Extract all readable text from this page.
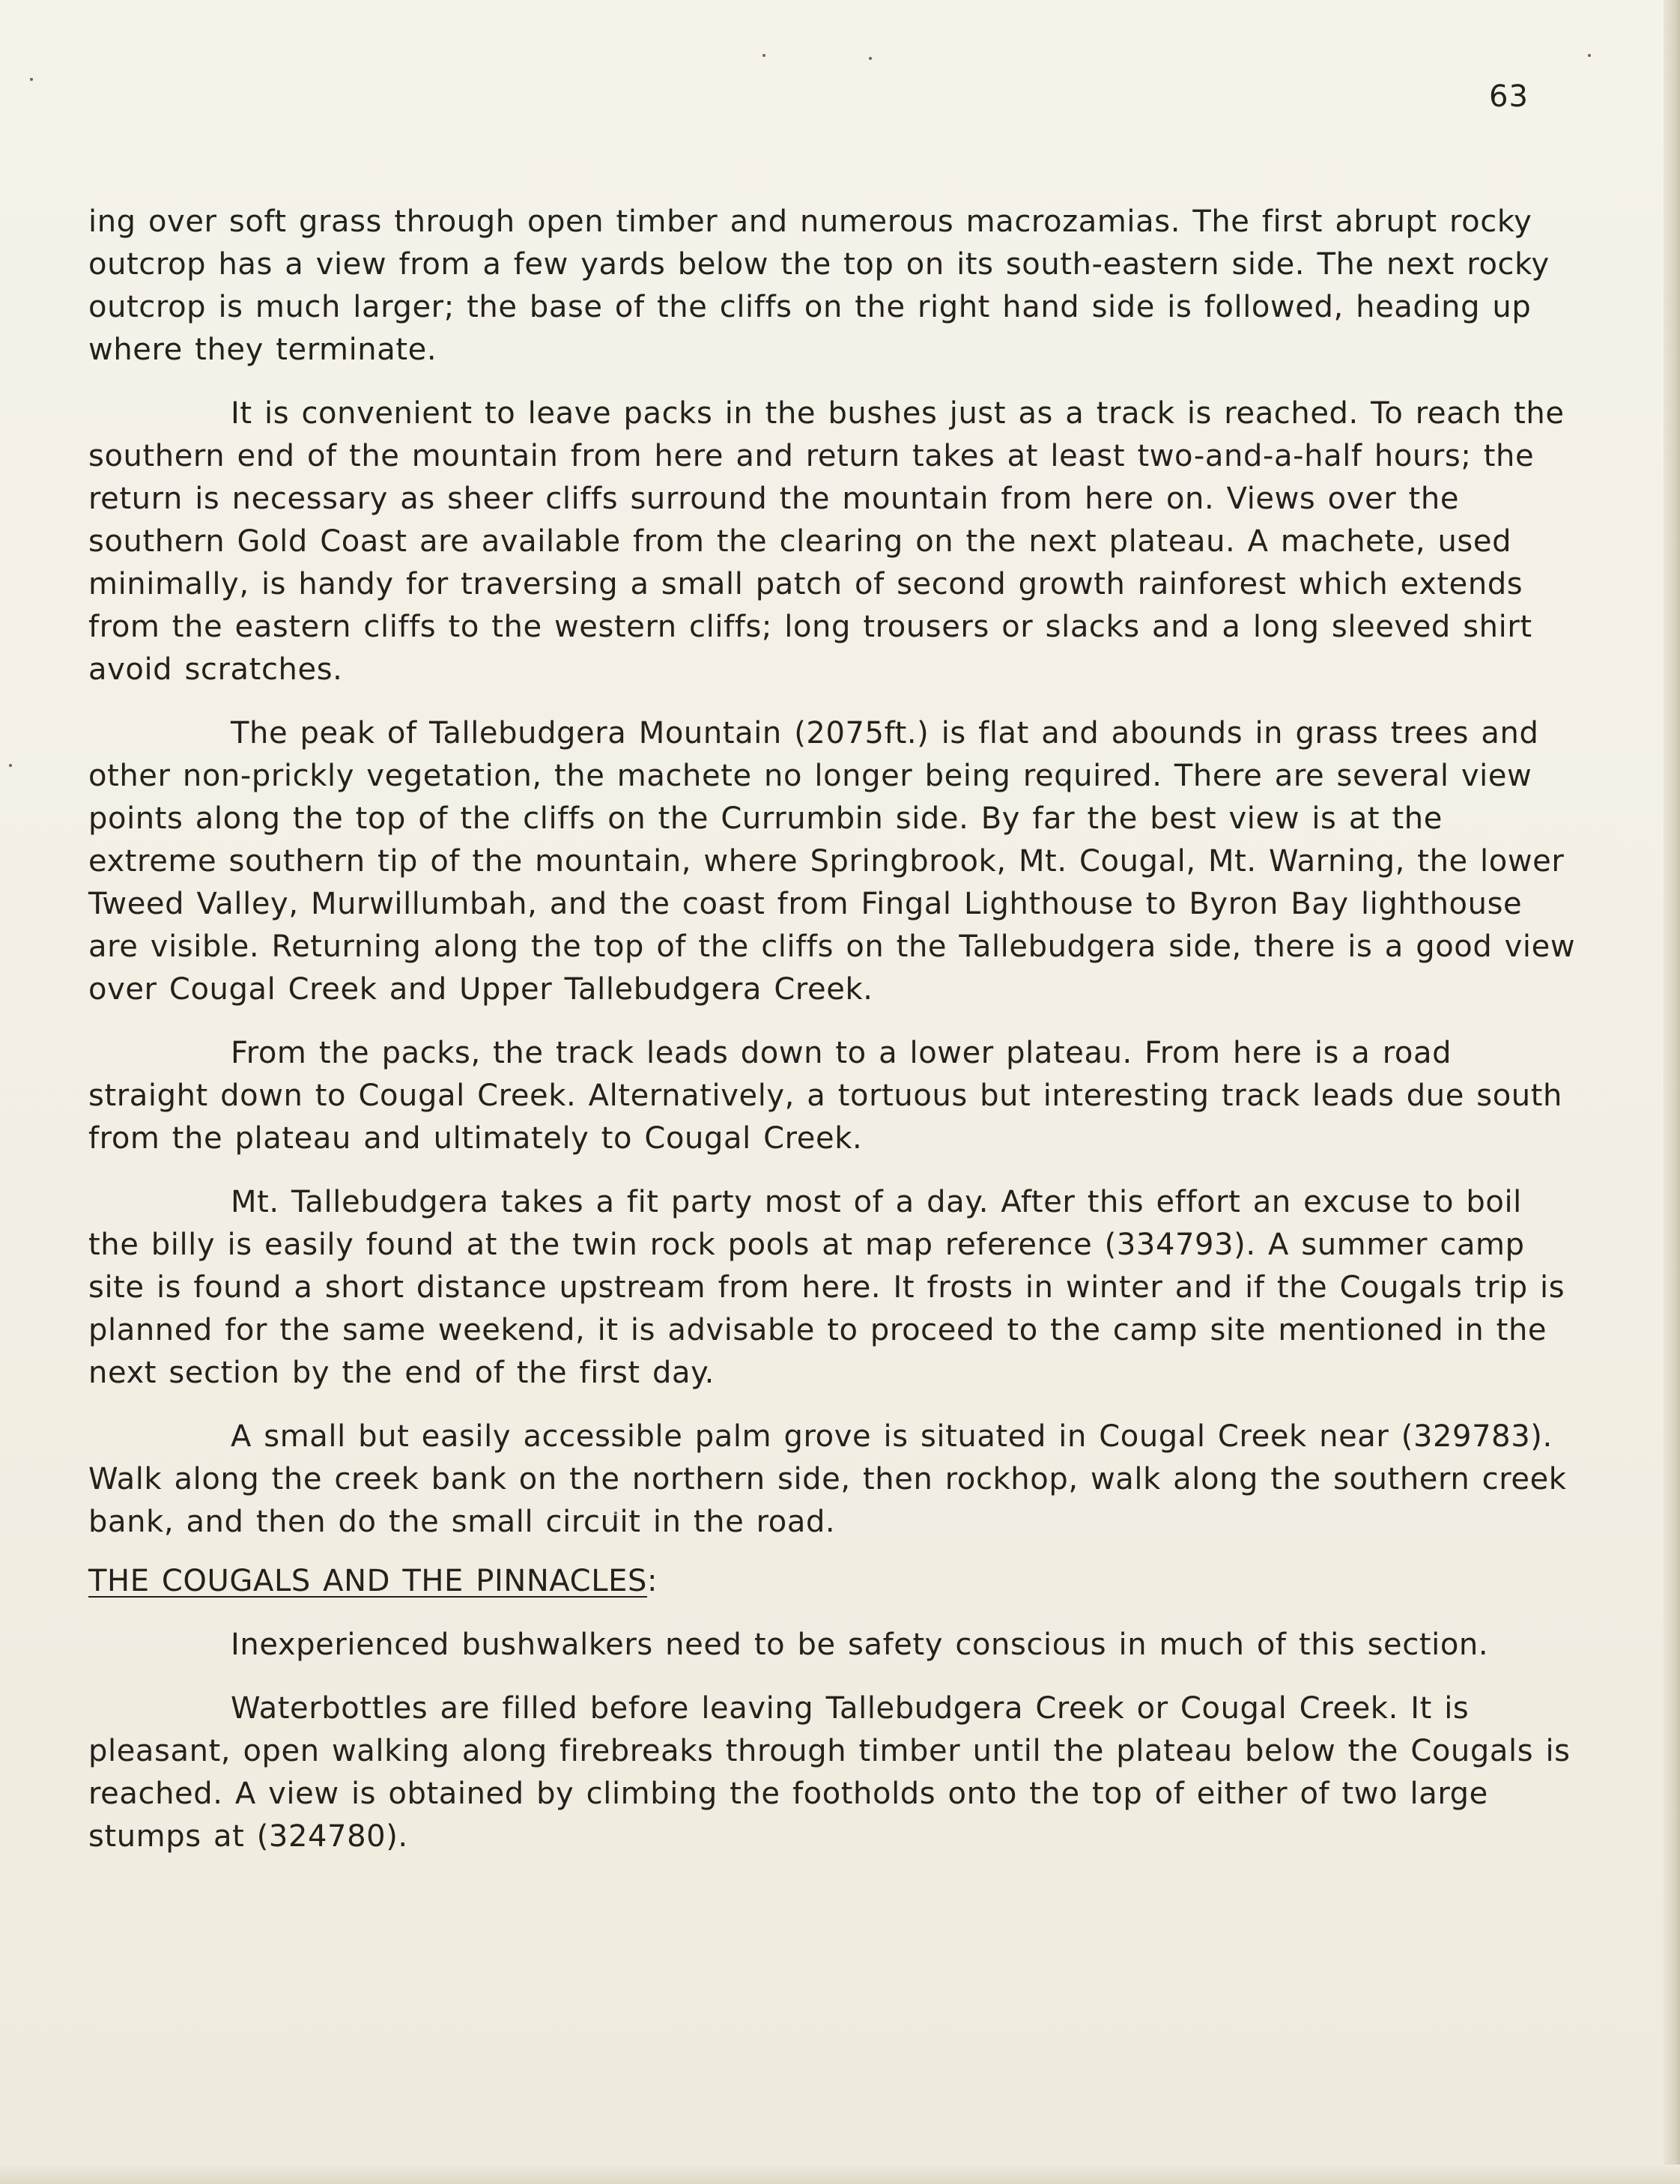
63

ing over soft grass through open timber and numerous macrozamias. The first abrupt rocky outcrop has a view from a few yards below the top on its south-eastern side. The next rocky outcrop is much larger; the base of the cliffs on the right hand side is followed, heading up where they terminate.

It is convenient to leave packs in the bushes just as a track is reached. To reach the southern end of the mountain from here and return takes at least two-and-a-half hours; the return is necessary as sheer cliffs surround the mountain from here on. Views over the southern Gold Coast are available from the clearing on the next plateau. A machete, used minimally, is handy for traversing a small patch of second growth rainforest which extends from the eastern cliffs to the western cliffs; long trousers or slacks and a long sleeved shirt avoid scratches.

The peak of Tallebudgera Mountain (2075ft.) is flat and abounds in grass trees and other non-prickly vegetation, the machete no longer being required. There are several view points along the top of the cliffs on the Currumbin side. By far the best view is at the extreme southern tip of the mountain, where Springbrook, Mt. Cougal, Mt. Warning, the lower Tweed Valley, Murwillumbah, and the coast from Fingal Lighthouse to Byron Bay lighthouse are visible. Returning along the top of the cliffs on the Tallebudgera side, there is a good view over Cougal Creek and Upper Tallebudgera Creek.

From the packs, the track leads down to a lower plateau. From here is a road straight down to Cougal Creek. Alternatively, a tortuous but interesting track leads due south from the plateau and ultimately to Cougal Creek.

Mt. Tallebudgera takes a fit party most of a day. After this effort an excuse to boil the billy is easily found at the twin rock pools at map reference (334793). A summer camp site is found a short distance upstream from here. It frosts in winter and if the Cougals trip is planned for the same weekend, it is advisable to proceed to the camp site mentioned in the next section by the end of the first day.

A small but easily accessible palm grove is situated in Cougal Creek near (329783). Walk along the creek bank on the northern side, then rockhop, walk along the southern creek bank, and then do the small circuit in the road.

THE COUGALS AND THE PINNACLES:

Inexperienced bushwalkers need to be safety conscious in much of this section.

Waterbottles are filled before leaving Tallebudgera Creek or Cougal Creek. It is pleasant, open walking along firebreaks through timber until the plateau below the Cougals is reached. A view is obtained by climbing the footholds onto the top of either of two large stumps at (324780).
